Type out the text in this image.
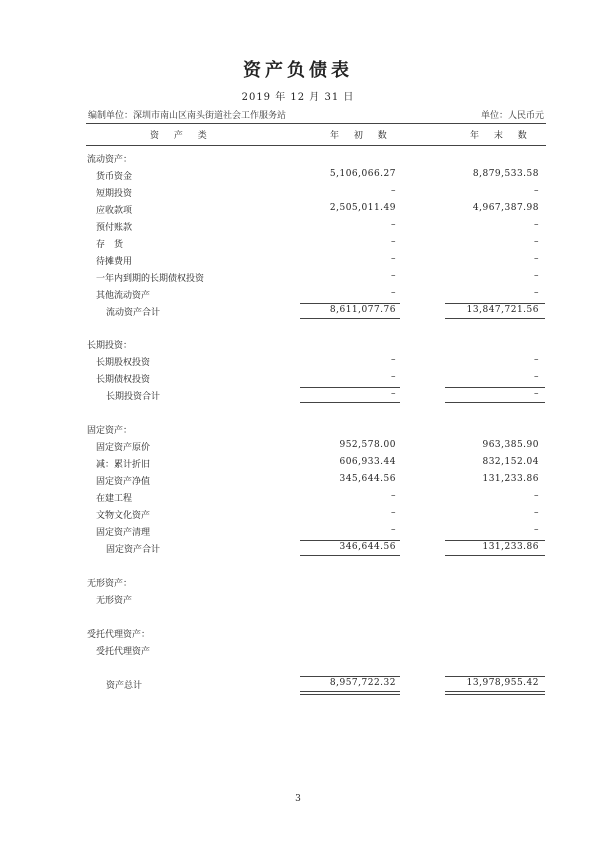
资产负债表
2019 年 12 月 31 日
编制单位：深圳市南山区南头街道社会工作服务站	单位：人民币元
资 产 类	年 初 数	年 末 数
流动资产：
货币资金	5,106,066.27	8,879,533.58
短期投资	–	–
应收款项	2,505,011.49	4,967,387.98
预付账款	–	–
存　货	–	–
待摊费用	–	–
一年内到期的长期债权投资	–	–
其他流动资产	–	–
流动资产合计	8,611,077.76	13,847,721.56
长期投资：
长期股权投资	–	–
长期债权投资	–	–
长期投资合计	–	–
固定资产：
固定资产原价	952,578.00	963,385.90
减：累计折旧	606,933.44	832,152.04
固定资产净值	345,644.56	131,233.86
在建工程	–	–
文物文化资产	–	–
固定资产清理	–	–
固定资产合计	346,644.56	131,233.86
无形资产：
无形资产
受托代理资产：
受托代理资产
资产总计	8,957,722.32	13,978,955.42
3
